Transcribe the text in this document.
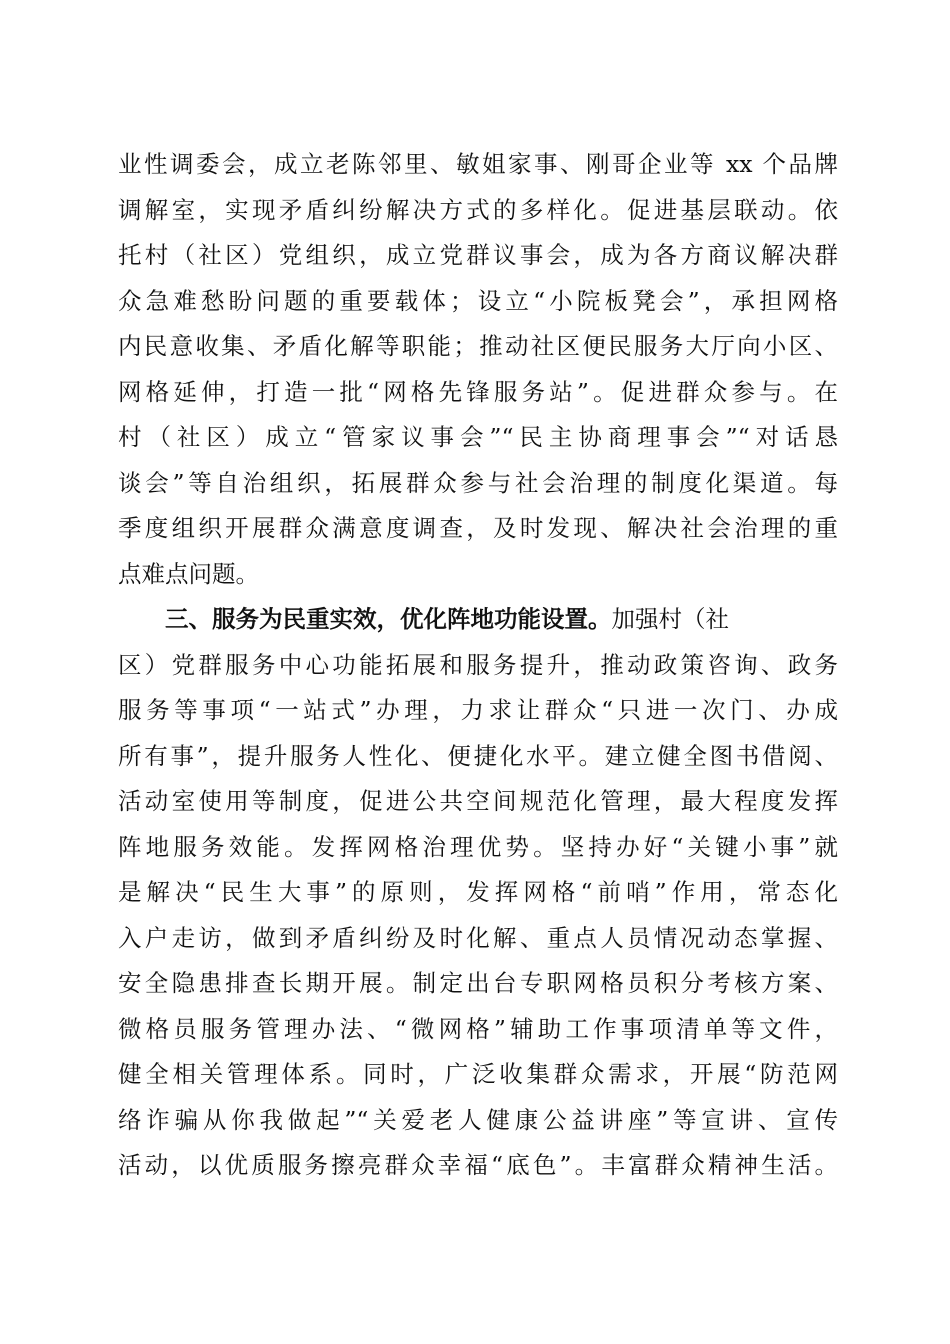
业性调委会，成立老陈邻里、敏姐家事、刚哥企业等 xx 个品牌
调解室，实现矛盾纠纷解决方式的多样化。促进基层联动。依
托村（社区）党组织，成立党群议事会，成为各方商议解决群
众急难愁盼问题的重要载体；设立“小院板凳会”，承担网格
内民意收集、矛盾化解等职能；推动社区便民服务大厅向小区、
网格延伸，打造一批“网格先锋服务站”。促进群众参与。在
村（社区）成立“管家议事会”“民主协商理事会”“对话恳
谈会”等自治组织，拓展群众参与社会治理的制度化渠道。每
季度组织开展群众满意度调查，及时发现、解决社会治理的重
点难点问题。
三、服务为民重实效，优化阵地功能设置。加强村（社
区）党群服务中心功能拓展和服务提升，推动政策咨询、政务
服务等事项“一站式”办理，力求让群众“只进一次门、办成
所有事”，提升服务人性化、便捷化水平。建立健全图书借阅、
活动室使用等制度，促进公共空间规范化管理，最大程度发挥
阵地服务效能。发挥网格治理优势。坚持办好“关键小事”就
是解决“民生大事”的原则，发挥网格“前哨”作用，常态化
入户走访，做到矛盾纠纷及时化解、重点人员情况动态掌握、
安全隐患排查长期开展。制定出台专职网格员积分考核方案、
微格员服务管理办法、“微网格”辅助工作事项清单等文件，
健全相关管理体系。同时，广泛收集群众需求，开展“防范网
络诈骗从你我做起”“关爱老人健康公益讲座”等宣讲、宣传
活动，以优质服务擦亮群众幸福“底色”。丰富群众精神生活。
